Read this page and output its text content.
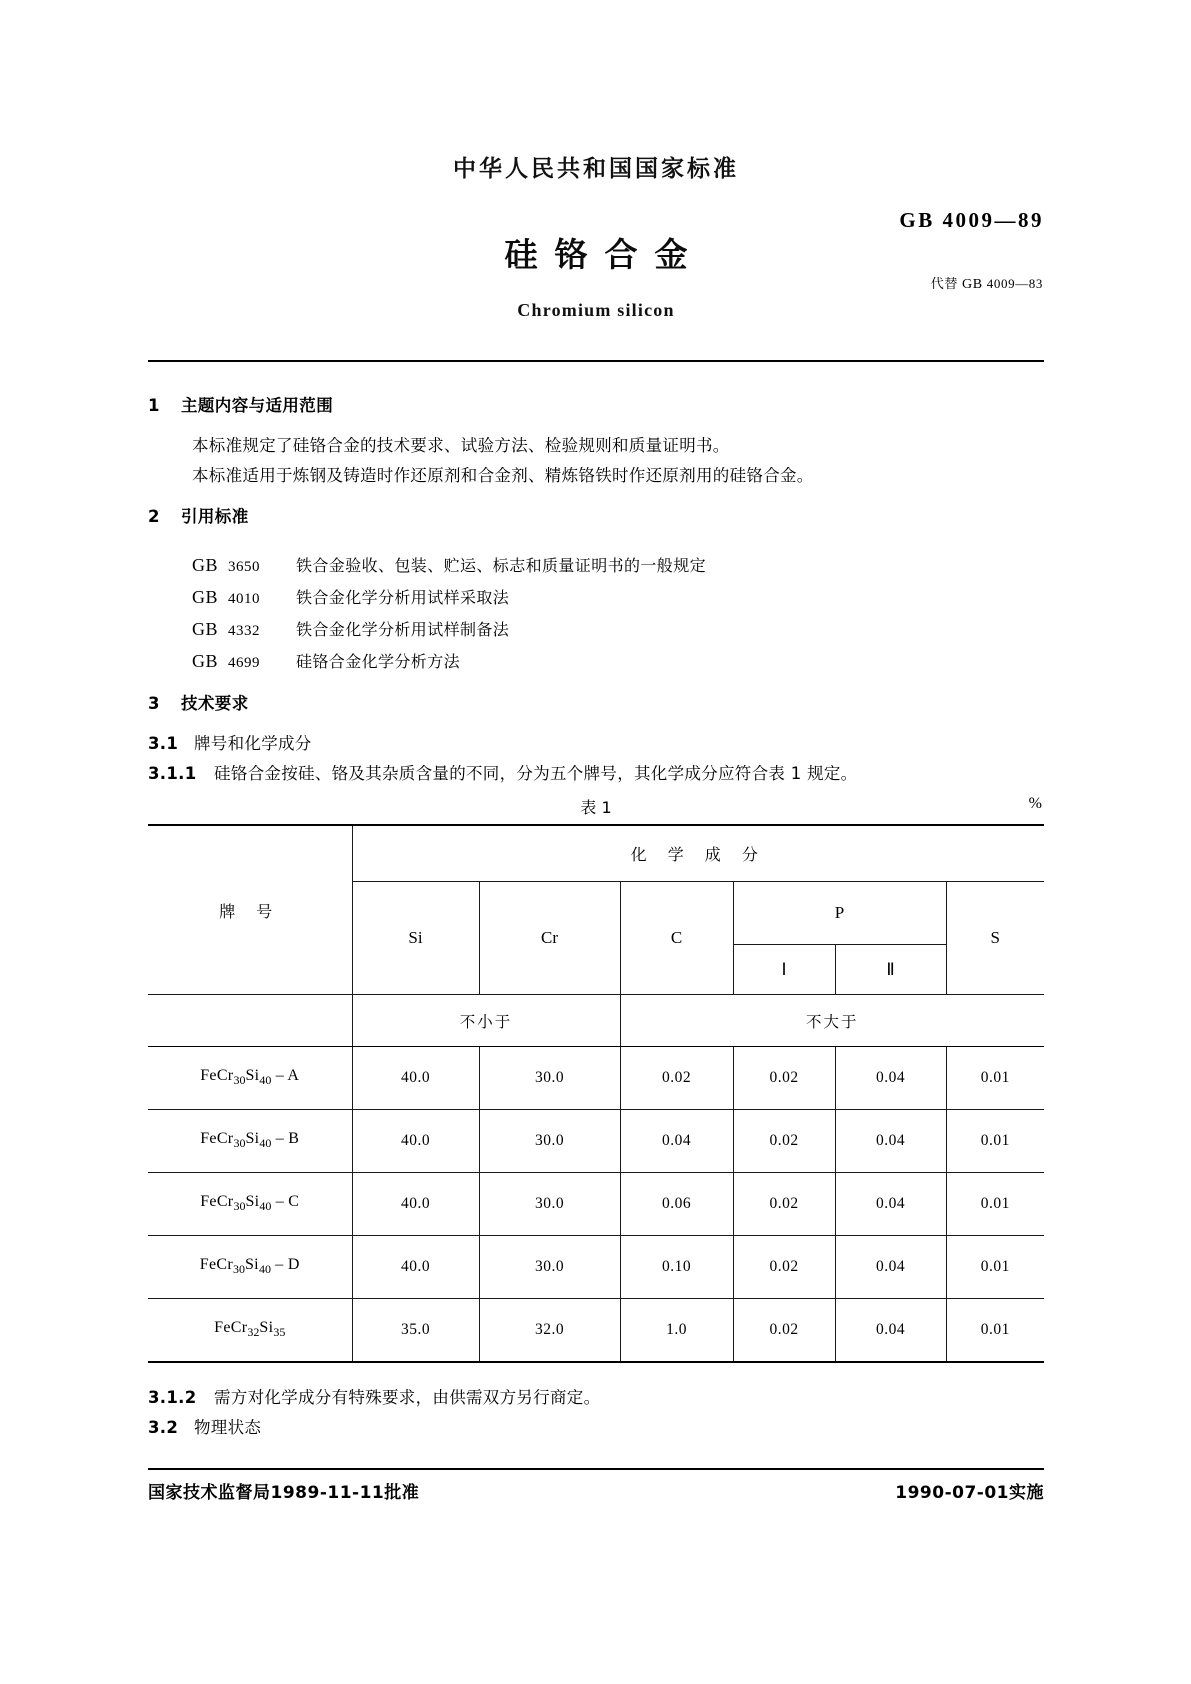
中华人民共和国国家标准
硅铬合金
Chromium silicon
GB 4009—89
代替 GB 4009—83

1 主题内容与适用范围

本标准规定了硅铬合金的技术要求、试验方法、检验规则和质量证明书。

本标准适用于炼钢及铸造时作还原剂和合金剂、精炼铬铁时作还原剂用的硅铬合金。

2 引用标准

GB 3650 铁合金验收、包装、贮运、标志和质量证明书的一般规定
GB 4010 铁合金化学分析用试样采取法
GB 4332 铁合金化学分析用试样制备法
GB 4699 硅铬合金化学分析方法

3 技术要求

3.1 牌号和化学成分

3.1.1 硅铬合金按硅、铬及其杂质含量的不同，分为五个牌号，其化学成分应符合表 1 规定。

表 1	%

牌 号	化 学 成 分					
	Si	Cr	C	P		S
				Ⅰ	Ⅱ	
	不小于		不大于			
$FeCr_{30}Si_{40}$ – A	40.0	30.0	0.02	0.02	0.04	0.01
$FeCr_{30}Si_{40}$ – B	40.0	30.0	0.04	0.02	0.04	0.01
$FeCr_{30}Si_{40}$ – C	40.0	30.0	0.06	0.02	0.04	0.01
$FeCr_{30}Si_{40}$ – D	40.0	30.0	0.10	0.02	0.04	0.01
$FeCr_{32}Si_{35}$	35.0	32.0	1.0	0.02	0.04	0.01

3.1.2 需方对化学成分有特殊要求，由供需双方另行商定。

3.2 物理状态

国家技术监督局1989-11-11批准	1990-07-01实施
